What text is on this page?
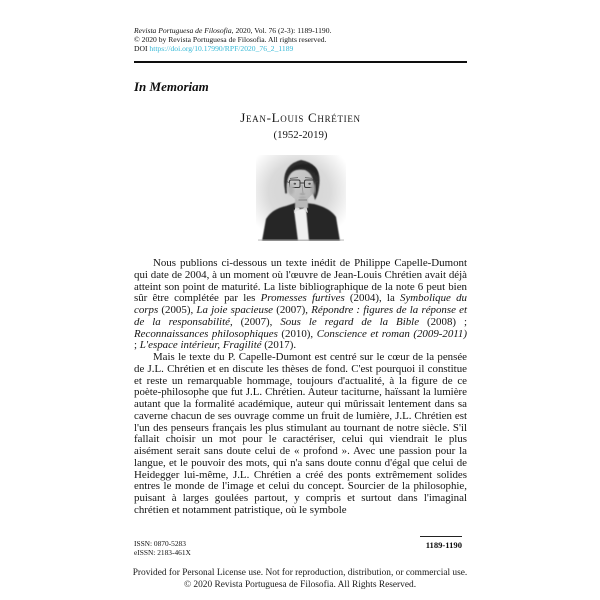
Revista Portuguesa de Filosofia, 2020, Vol. 76 (2-3): 1189-1190.
© 2020 by Revista Portuguesa de Filosofia. All rights reserved.
DOI https://doi.org/10.17990/RPF/2020_76_2_1189
In Memoriam
Jean-Louis Chrétien
(1952-2019)

Nous publions ci-dessous un texte inédit de Philippe Capelle-Dumont qui date de 2004, à un moment où l'œuvre de Jean-Louis Chrétien avait déjà atteint son point de maturité. La liste bibliographique de la note 6 peut bien sûr être complétée par les Promesses furtives (2004), la Symbolique du corps (2005), La joie spacieuse (2007), Répondre : figures de la réponse et de la responsabilité, (2007), Sous le regard de la Bible (2008) ; Reconnaissances philosophiques (2010), Conscience et roman (2009-2011) ; L'espace intérieur, Fragilité (2017).

Mais le texte du P. Capelle-Dumont est centré sur le cœur de la pensée de J.L. Chrétien et en discute les thèses de fond. C'est pourquoi il constitue et reste un remarquable hommage, toujours d'actualité, à la figure de ce poète-philosophe que fut J.L. Chrétien. Auteur taciturne, haïssant la lumière autant que la formalité académique, auteur qui mûrissait lentement dans sa caverne chacun de ses ouvrage comme un fruit de lumière, J.L. Chrétien est l'un des penseurs français les plus stimulant au tournant de notre siècle. S'il fallait choisir un mot pour le caractériser, celui qui viendrait le plus aisément serait sans doute celui de « profond ». Avec une passion pour la langue, et le pouvoir des mots, qui n'a sans doute connu d'égal que celui de Heidegger lui-même, J.L. Chrétien a créé des ponts extrêmement solides entres le monde de l'image et celui du concept. Sourcier de la philosophie, puisant à larges goulées partout, y compris et surtout dans l'imaginal chrétien et notamment patristique, où le symbole

ISSN: 0870-5283
eISSN: 2183-461X
1189-1190
Provided for Personal License use. Not for reproduction, distribution, or commercial use.
© 2020 Revista Portuguesa de Filosofia. All Rights Reserved.
